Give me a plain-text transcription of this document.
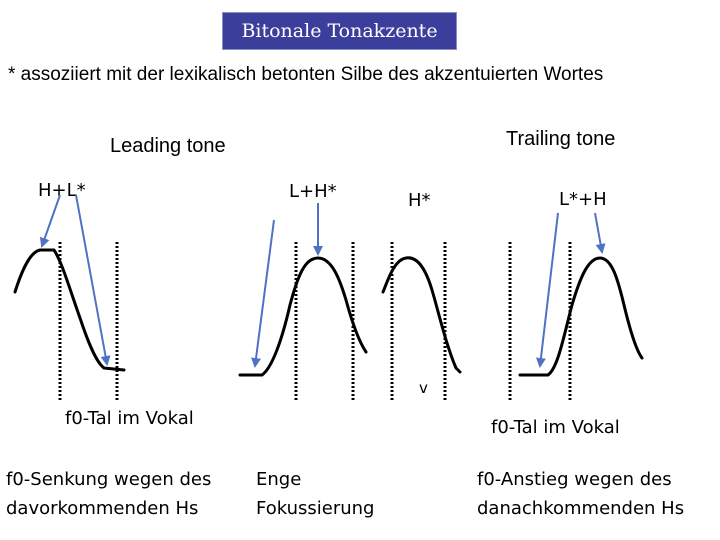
Bitonale Tonakzente
* assoziiert mit der lexikalisch betonten Silbe des akzentuierten Wortes
Leading tone	Trailing tone
H+L*	L+H*	H*	L*+H
v
f0-Tal im Vokal	f0-Tal im Vokal
f0-Senkung wegen des
davorkommenden Hs
Enge
Fokussierung
f0-Anstieg wegen des
danachkommenden Hs
